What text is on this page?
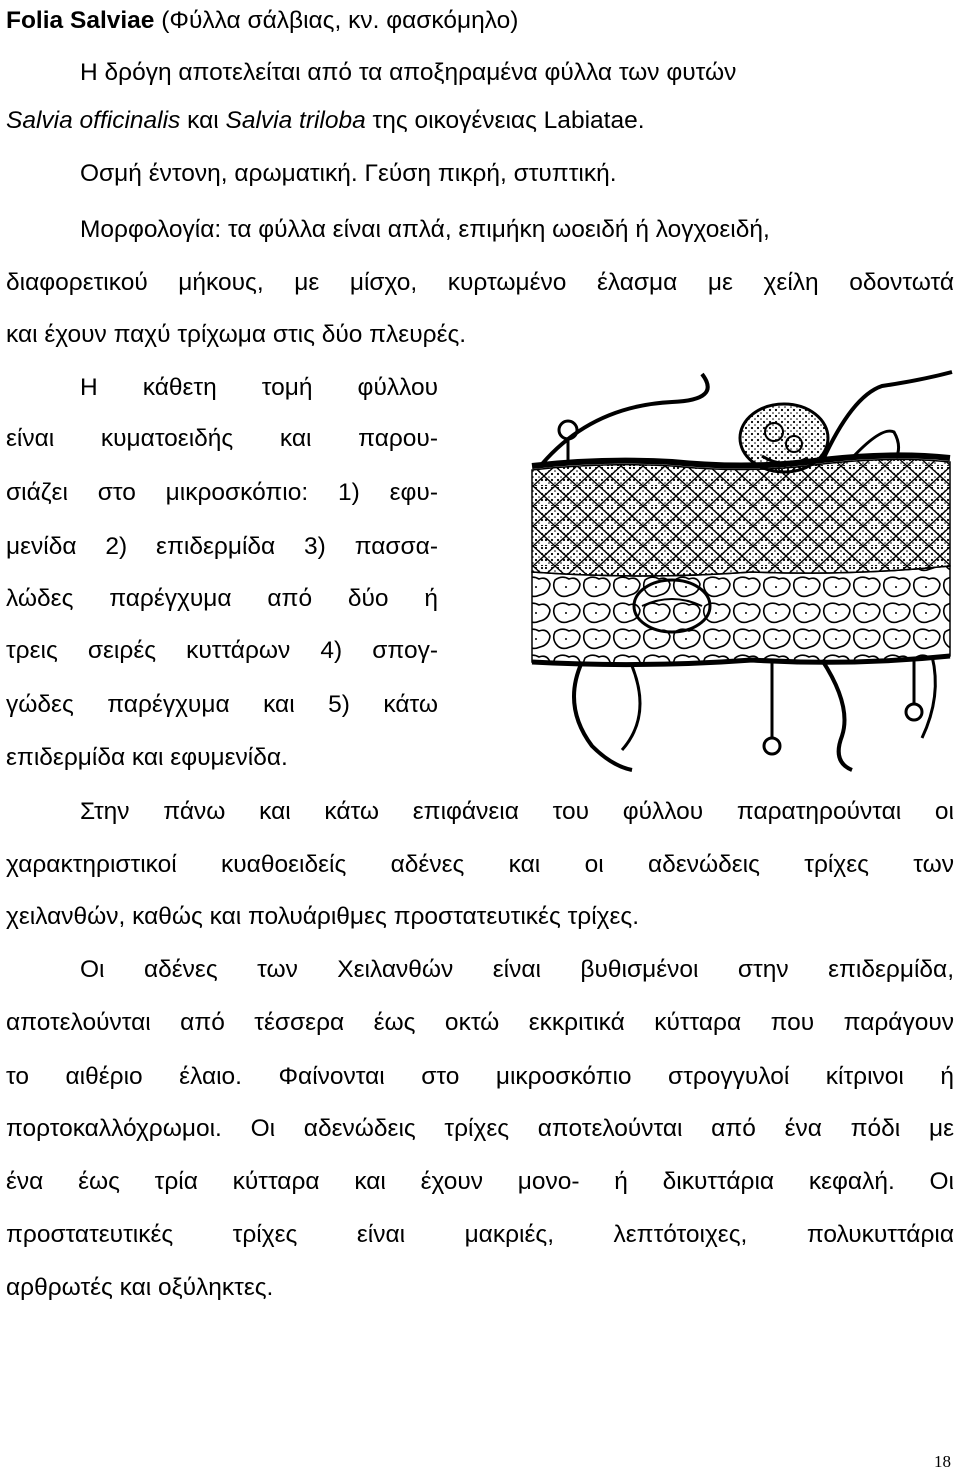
Folia Salviae (Φύλλα σάλβιας, κν. φασκόμηλο)
Η δρόγη αποτελείται από τα αποξηραμένα φύλλα των φυτών
Salvia officinalis και Salvia triloba της οικογένειας Labiatae.
Οσμή έντονη, αρωματική. Γεύση πικρή, στυπτική.
Μορφολογία: τα φύλλα είναι απλά, επιμήκη ωοειδή ή λογχοειδή,
διαφορετικού μήκους, με μίσχο, κυρτωμένο έλασμα με χείλη οδοντωτά
και έχουν παχύ τρίχωμα στις δύο πλευρές.
Η κάθετη τομή φύλλου
είναι κυματοειδής και παρου-
σιάζει στο μικροσκόπιο: 1) εφυ-
μενίδα 2) επιδερμίδα 3) πασσα-
λώδες παρέγχυμα από δύο ή
τρεις σειρές κυττάρων 4) σπογ-
γώδες παρέγχυμα και 5) κάτω
επιδερμίδα και εφυμενίδα.
Στην πάνω και κάτω επιφάνεια του φύλλου παρατηρούνται οι
χαρακτηριστικοί κυαθοειδείς αδένες και οι αδενώδεις τρίχες των
χειλανθών, καθώς και πολυάριθμες προστατευτικές τρίχες.
Οι αδένες των Χειλανθών είναι βυθισμένοι στην επιδερμίδα,
αποτελούνται από τέσσερα έως οκτώ εκκριτικά κύτταρα που παράγουν
το αιθέριο έλαιο. Φαίνονται στο μικροσκόπιο στρογγυλοί κίτρινοι ή
πορτοκαλλόχρωμοι. Οι αδενώδεις τρίχες αποτελούνται από ένα πόδι με
ένα έως τρία κύτταρα και έχουν μονο- ή δικυττάρια κεφαλή. Οι
προστατευτικές τρίχες είναι μακριές, λεπτότοιχες, πολυκυττάρια
αρθρωτές και οξύληκτες.
18
